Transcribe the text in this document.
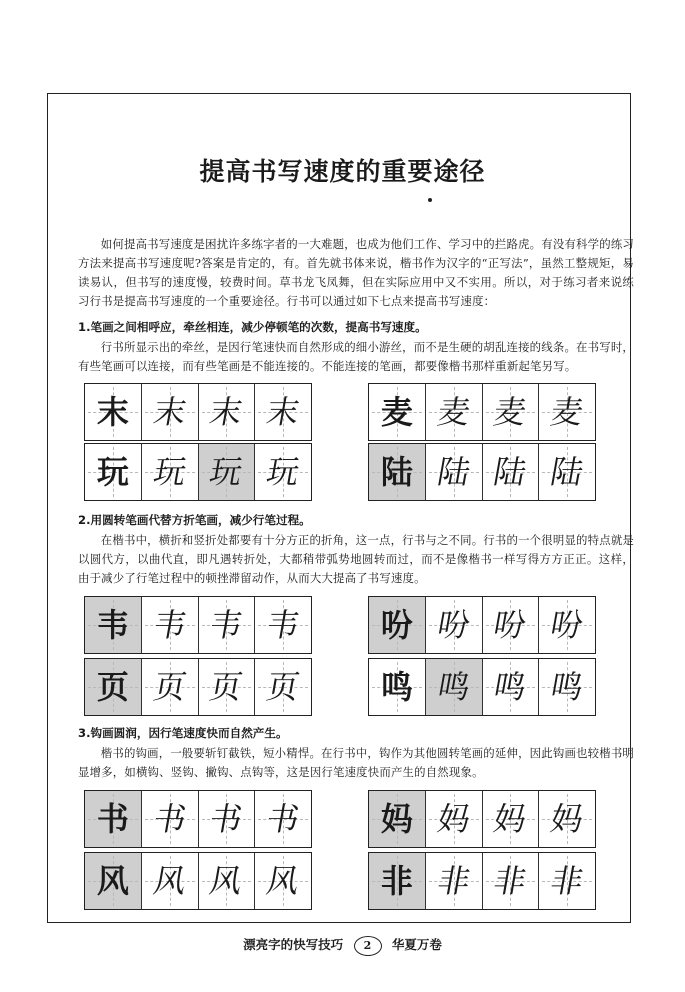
提高书写速度的重要途径

如何提高书写速度是困扰许多练字者的一大难题，也成为他们工作、学习中的拦路虎。有没有科学的练习方法来提高书写速度呢?答案是肯定的，有。首先就书体来说，楷书作为汉字的“正写法”，虽然工整规矩，易读易认，但书写的速度慢，较费时间。草书龙飞凤舞，但在实际应用中又不实用。所以，对于练习者来说练习行书是提高书写速度的一个重要途径。行书可以通过如下七点来提高书写速度：

1.笔画之间相呼应，牵丝相连，减少停顿笔的次数，提高书写速度。

行书所显示出的牵丝，是因行笔速快而自然形成的细小游丝，而不是生硬的胡乱连接的线条。在书写时，有些笔画可以连接，而有些笔画是不能连接的。不能连接的笔画，都要像楷书那样重新起笔另写。

末 末 末 末 麦 麦 麦 麦
玩 玩 玩 玩 陆 陆 陆 陆
2.用圆转笔画代替方折笔画，减少行笔过程。

在楷书中，横折和竖折处都要有十分方正的折角，这一点，行书与之不同。行书的一个很明显的特点就是以圆代方，以曲代直，即凡遇转折处，大都稍带弧势地圆转而过，而不是像楷书一样写得方方正正。这样，由于减少了行笔过程中的顿挫滞留动作，从而大大提高了书写速度。

韦 韦 韦 韦 吩 吩 吩 吩
页 页 页 页 鸣 鸣 鸣 鸣
3.钩画圆润，因行笔速度快而自然产生。

楷书的钩画，一般要斩钉截铁，短小精悍。在行书中，钩作为其他圆转笔画的延伸，因此钩画也较楷书明显增多，如横钩、竖钩、撇钩、点钩等，这是因行笔速度快而产生的自然现象。

书 书 书 书 妈 妈 妈 妈
风 风 风 风 非 非 非 非
漂亮字的快写技巧 2 华夏万卷
